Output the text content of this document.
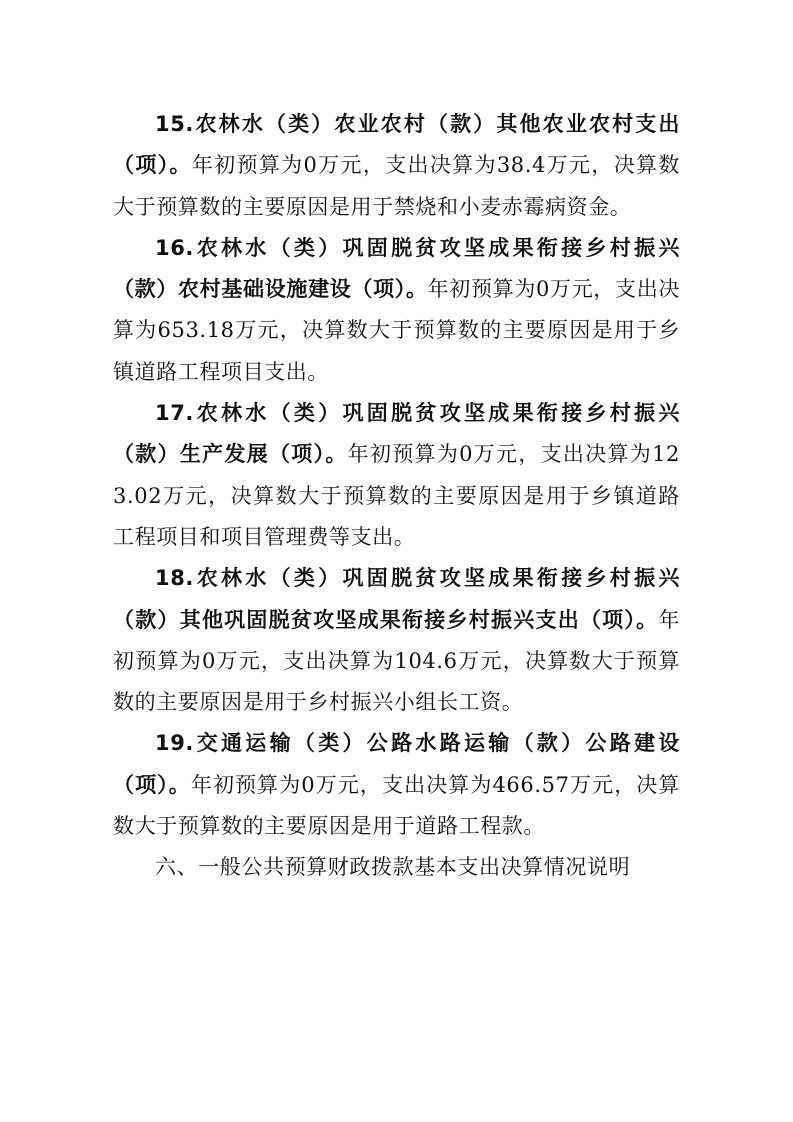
15.农林水（类）农业农村（款）其他农业农村支出（项）。年初预算为0万元，支出决算为38.4万元，决算数大于预算数的主要原因是用于禁烧和小麦赤霉病资金。

16.农林水（类）巩固脱贫攻坚成果衔接乡村振兴（款）农村基础设施建设（项）。年初预算为0万元，支出决算为653.18万元，决算数大于预算数的主要原因是用于乡镇道路工程项目支出。

17.农林水（类）巩固脱贫攻坚成果衔接乡村振兴（款）生产发展（项）。年初预算为0万元，支出决算为123.02万元，决算数大于预算数的主要原因是用于乡镇道路工程项目和项目管理费等支出。

18.农林水（类）巩固脱贫攻坚成果衔接乡村振兴（款）其他巩固脱贫攻坚成果衔接乡村振兴支出（项）。年初预算为0万元，支出决算为104.6万元，决算数大于预算数的主要原因是用于乡村振兴小组长工资。

19.交通运输（类）公路水路运输（款）公路建设（项）。年初预算为0万元，支出决算为466.57万元，决算数大于预算数的主要原因是用于道路工程款。

六、一般公共预算财政拨款基本支出决算情况说明
